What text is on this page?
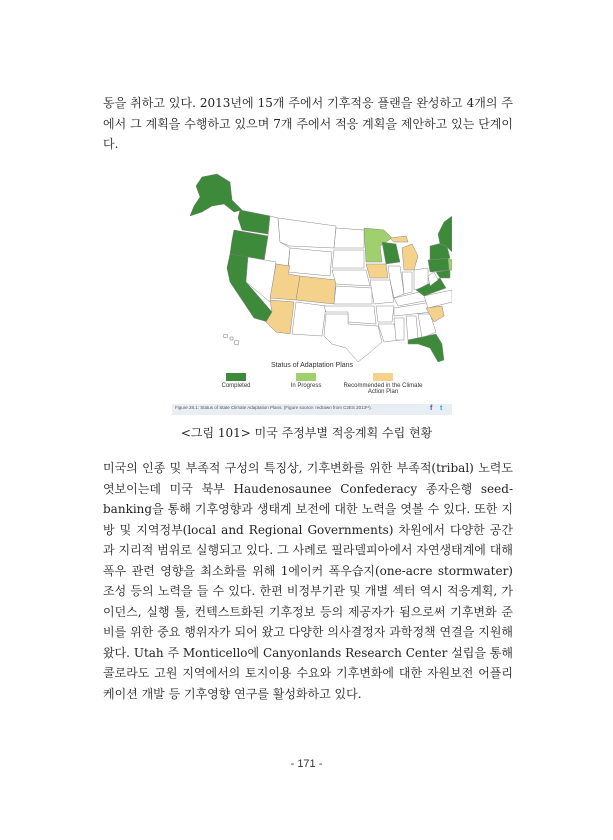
동을 취하고 있다. 2013년에 15개 주에서 기후적응 플랜을 완성하고 4개의 주에서 그 계획을 수행하고 있으며 7개 주에서 적응 계획을 제안하고 있는 단계이다.

Status of Adaptation Plans
Completed	In Progress	Recommended in the Climate Action Plan
Figure 28.1: Status of State Climate Adaptation Plans. (Figure source: redrawn from C2ES 2013¹¹).	f t
<그림 101> 미국 주정부별 적응계획 수립 현황

미국의 인종 및 부족적 구성의 특징상, 기후변화를 위한 부족적(tribal) 노력도 엿보이는데 미국 북부 Haudenosaunee Confederacy 종자은행 seed-banking을 통해 기후영향과 생태계 보전에 대한 노력을 엿볼 수 있다. 또한 지방 및 지역정부(local and Regional Governments) 차원에서 다양한 공간과 지리적 범위로 실행되고 있다. 그 사례로 필라델피아에서 자연생태계에 대해 폭우 관련 영향을 최소화를 위해 1에이커 폭우습지(one-acre stormwater) 조성 등의 노력을 들 수 있다. 한편 비정부기관 및 개별 섹터 역시 적응계획, 가이던스, 실행 툴, 컨텍스트화된 기후정보 등의 제공자가 됨으로써 기후변화 준비를 위한 중요 행위자가 되어 왔고 다양한 의사결정자 과학정책 연결을 지원해왔다. Utah 주 Monticello에 Canyonlands Research Center 설립을 통해 콜로라도 고원 지역에서의 토지이용 수요와 기후변화에 대한 자원보전 어플리케이션 개발 등 기후영향 연구를 활성화하고 있다.

- 171 -
